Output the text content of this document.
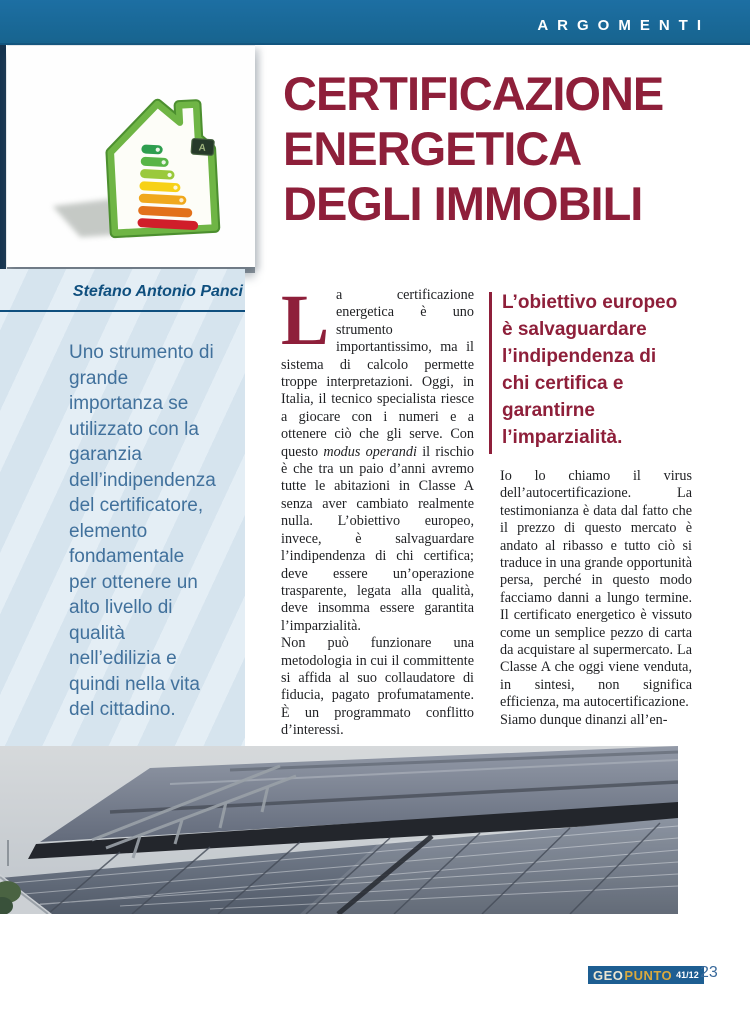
ARGOMENTI
A
Stefano Antonio Panci
Uno strumento di
grande
importanza se
utilizzato con la
garanzia
dell’indipendenza
del certificatore,
elemento
fondamentale
per ottenere un
alto livello di
qualità
nell’edilizia e
quindi nella vita
del cittadino.
CERTIFICAZIONE
ENERGETICA
DEGLI IMMOBILI
L a certificazione energetica è uno strumento importantissimo, ma il sistema di calcolo permette troppe interpretazioni. Oggi, in Italia, il tecnico specialista riesce a giocare con i numeri e a ottenere ciò che gli serve. Con questo modus operandi il rischio è che tra un paio d’anni avremo tutte le abitazioni in Classe A senza aver cambiato realmente nulla. L’obiettivo europeo, invece, è salvaguardare l’indipendenza di chi certifica; deve essere un’operazione trasparente, legata alla qualità, deve insomma essere garantita l’imparzialità.

Non può funzionare una metodologia in cui il committente si affida al suo collaudatore di fiducia, pagato profumatamente. È un programmato conflitto d’interessi.

L’obiettivo europeo
è salvaguardare
l’indipendenza di
chi certifica e
garantirne
l’imparzialità.

Io lo chiamo il virus dell’autocertificazione. La testimonianza è data dal fatto che il prezzo di questo mercato è andato al ribasso e tutto ciò si traduce in una grande opportunità persa, perché in questo modo facciamo danni a lungo termine. Il certificato energetico è vissuto come un semplice pezzo di carta da acquistare al supermercato. La Classe A che oggi viene venduta, in sintesi, non significa efficienza, ma autocertificazione.

Siamo dunque dinanzi all’en-

GEO PUNTO 41/12 23
